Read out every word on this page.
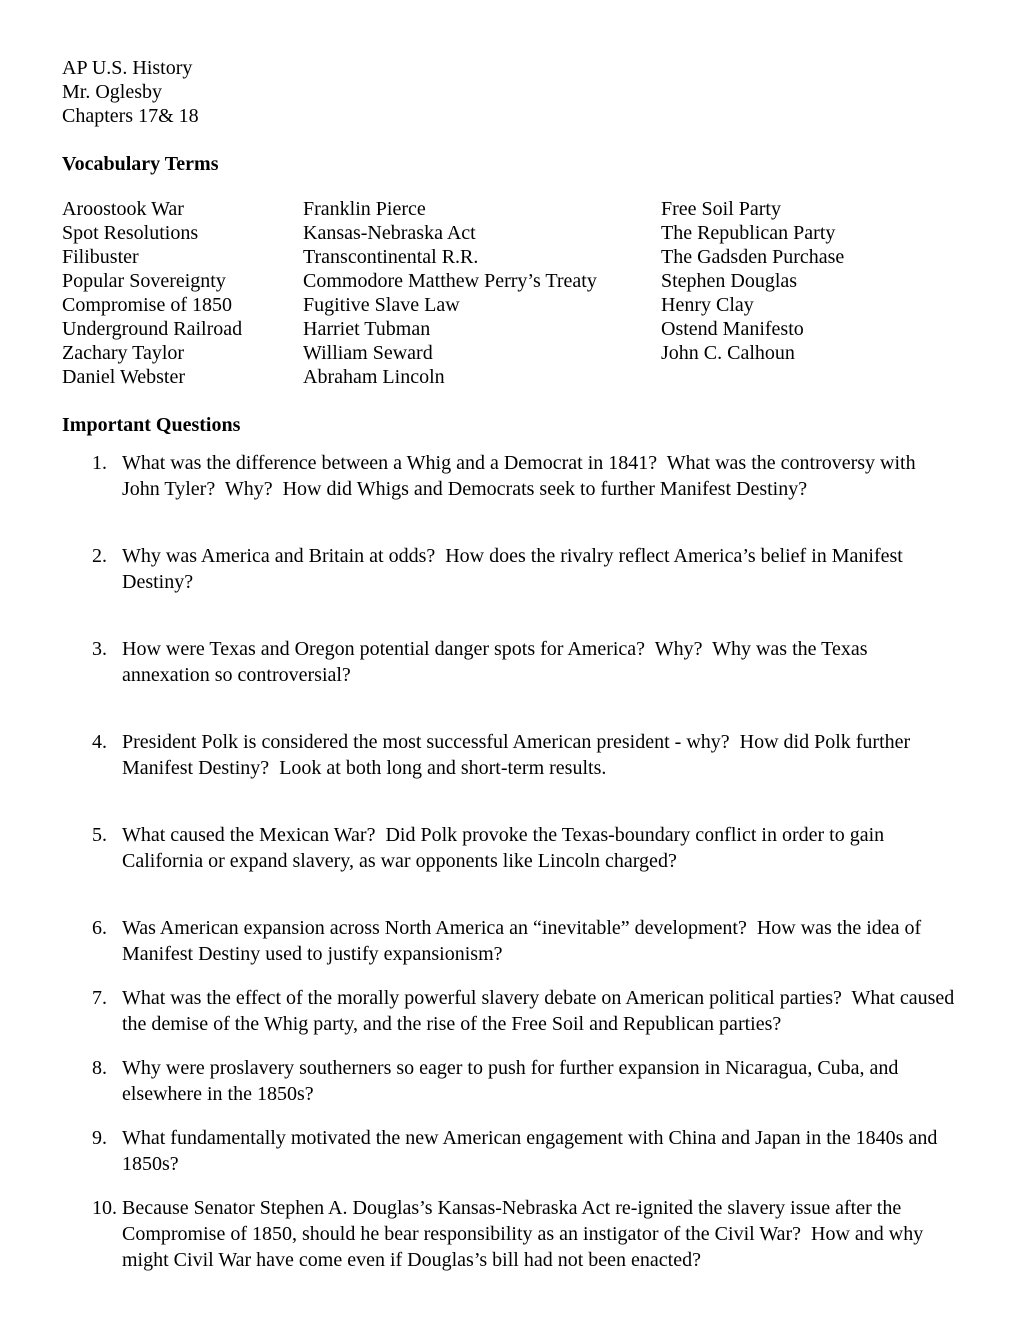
AP U.S. History
Mr. Oglesby
Chapters 17& 18
Vocabulary Terms
Aroostook War
Spot Resolutions
Filibuster
Popular Sovereignty
Compromise of 1850
Underground Railroad
Zachary Taylor
Daniel Webster
Franklin Pierce
Kansas-Nebraska Act
Transcontinental R.R.
Commodore Matthew Perry’s Treaty
Fugitive Slave Law
Harriet Tubman
William Seward
Abraham Lincoln
Free Soil Party
The Republican Party
The Gadsden Purchase
Stephen Douglas
Henry Clay
Ostend Manifesto
John C. Calhoun
Important Questions
1. What was the difference between a Whig and a Democrat in 1841?  What was the controversy with John Tyler?  Why?  How did Whigs and Democrats seek to further Manifest Destiny?
2. Why was America and Britain at odds?  How does the rivalry reflect America’s belief in Manifest Destiny?
3. How were Texas and Oregon potential danger spots for America?  Why?  Why was the Texas annexation so controversial?
4. President Polk is considered the most successful American president - why?  How did Polk further Manifest Destiny?  Look at both long and short-term results.
5. What caused the Mexican War?  Did Polk provoke the Texas-boundary conflict in order to gain California or expand slavery, as war opponents like Lincoln charged?
6. Was American expansion across North America an “inevitable” development?  How was the idea of Manifest Destiny used to justify expansionism?
7. What was the effect of the morally powerful slavery debate on American political parties?  What caused the demise of the Whig party, and the rise of the Free Soil and Republican parties?
8. Why were proslavery southerners so eager to push for further expansion in Nicaragua, Cuba, and elsewhere in the 1850s?
9. What fundamentally motivated the new American engagement with China and Japan in the 1840s and 1850s?
10. Because Senator Stephen A. Douglas’s Kansas-Nebraska Act re-ignited the slavery issue after the Compromise of 1850, should he bear responsibility as an instigator of the Civil War?  How and why might Civil War have come even if Douglas’s bill had not been enacted?
